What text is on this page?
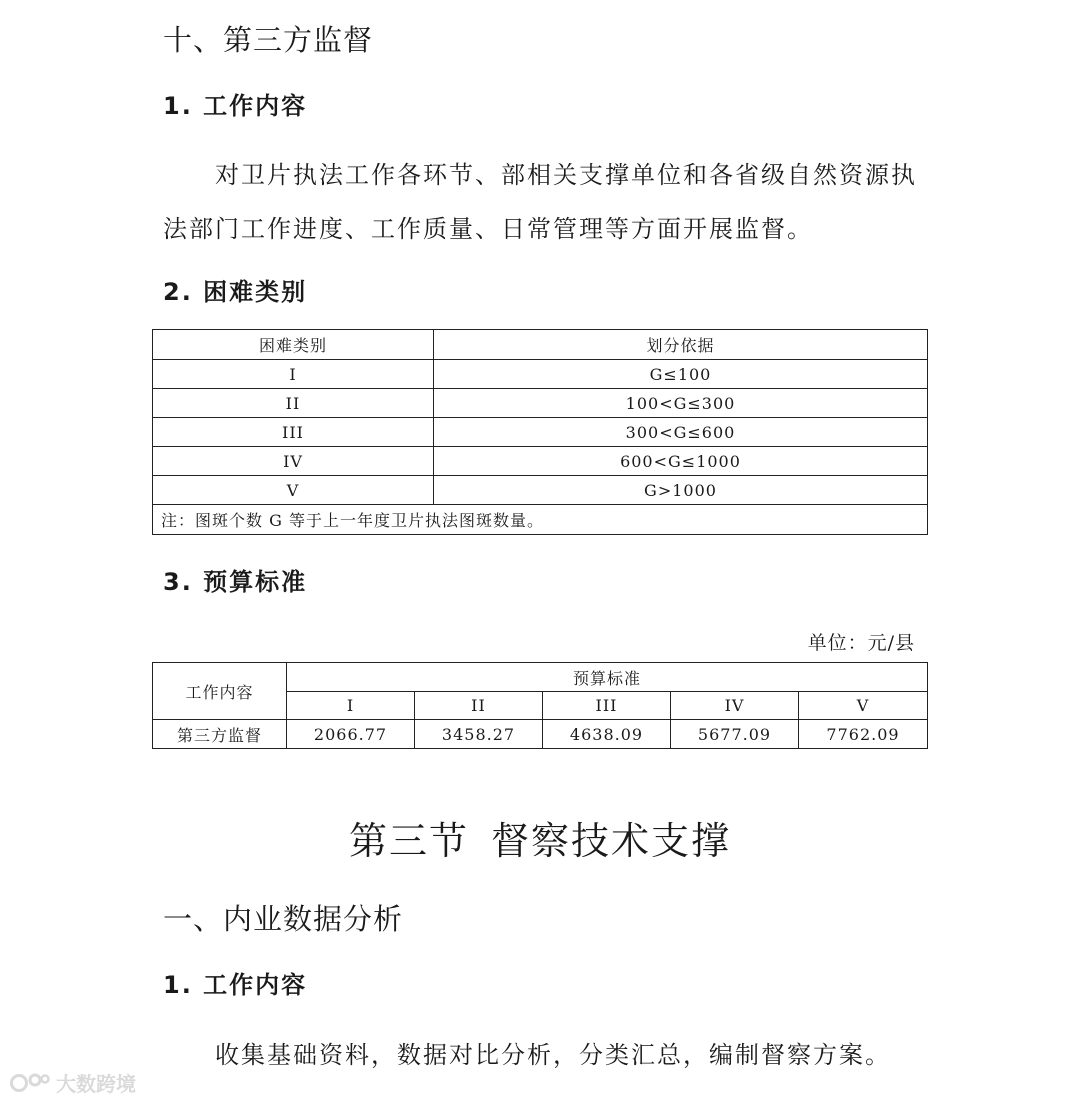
十、第三方监督
1. 工作内容
对卫片执法工作各环节、部相关支撑单位和各省级自然资源执法部门工作进度、工作质量、日常管理等方面开展监督。
2. 困难类别
困难类别	划分依据
I	G≤100
II	100<G≤300
III	300<G≤600
IV	600<G≤1000
V	G>1000
注：图斑个数 G 等于上一年度卫片执法图斑数量。	
3. 预算标准
单位：元/县
工作内容	预算标准				
	I	II	III	IV	V
第三方监督	2066.77	3458.27	4638.09	5677.09	7762.09
第三节 督察技术支撑
一、内业数据分析
1. 工作内容
收集基础资料，数据对比分析，分类汇总，编制督察方案。
大数跨境
